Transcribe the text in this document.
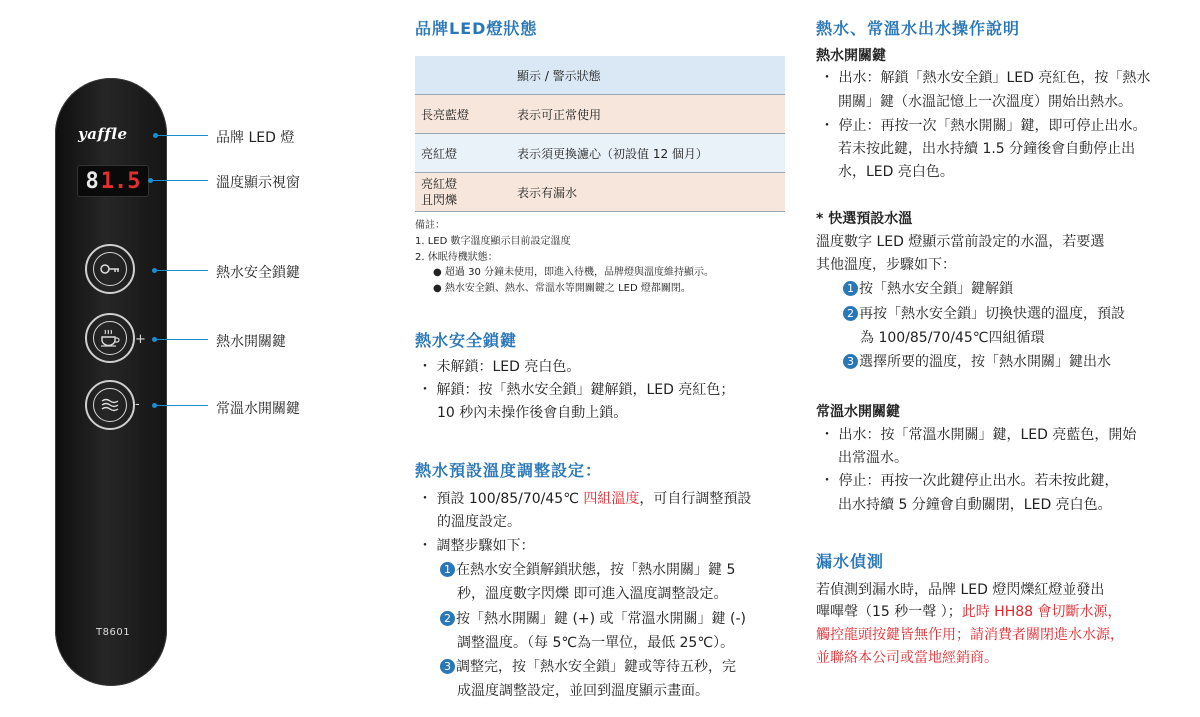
yaffle
8 1.5
+
-
T8601
品牌 LED 燈
溫度顯示視窗
熱水安全鎖鍵
熱水開關鍵
常溫水開關鍵
品牌LED燈狀態
	顯示 / 警示狀態
長亮藍燈	表示可正常使用
亮紅燈	表示須更換濾心（初設值 12 個月）
亮紅燈
且閃爍	表示有漏水
備註：
1. LED 數字溫度顯示目前設定溫度
2. 休眠待機狀態：
● 超過 30 分鐘未使用，即進入待機，品牌燈與溫度維持顯示。
● 熱水安全鎖、熱水、常溫水等開關鍵之 LED 燈都關閉。
熱水安全鎖鍵
・ 未解鎖：LED 亮白色。
・ 解鎖：按「熱水安全鎖」鍵解鎖，LED 亮紅色；
10 秒內未操作後會自動上鎖。
熱水預設溫度調整設定：
・ 預設 100/85/70/45℃ 四組溫度，可自行調整預設
的溫度設定。
・ 調整步驟如下：
1 在熱水安全鎖解鎖狀態，按「熱水開關」鍵 5
秒，溫度數字閃爍 即可進入溫度調整設定。
2 按「熱水開關」鍵 (+) 或「常溫水開關」鍵 (-)
調整溫度。（每 5℃為一單位，最低 25℃）。
3 調整完，按「熱水安全鎖」鍵或等待五秒，完
成溫度調整設定，並回到溫度顯示畫面。
熱水、常溫水出水操作說明
熱水開關鍵
・ 出水：解鎖「熱水安全鎖」LED 亮紅色，按「熱水
開關」鍵（水溫記憶上一次溫度）開始出熱水。
・ 停止：再按一次「熱水開關」鍵，即可停止出水。
若未按此鍵，出水持續 1.5 分鐘後會自動停止出
水，LED 亮白色。
* 快選預設水溫
溫度數字 LED 燈顯示當前設定的水溫，若要選
其他溫度，步驟如下：
1 按「熱水安全鎖」鍵解鎖
2 再按「熱水安全鎖」切換快選的溫度，預設
為 100/85/70/45℃四組循環
3 選擇所要的溫度，按「熱水開關」鍵出水
常溫水開關鍵
・ 出水：按「常溫水開關」鍵，LED 亮藍色，開始
出常溫水。
・ 停止：再按一次此鍵停止出水。若未按此鍵，
出水持續 5 分鐘會自動關閉，LED 亮白色。
漏水偵測
若偵測到漏水時，品牌 LED 燈閃爍紅燈並發出
嗶嗶聲（15 秒一聲 ）；此時 HH88 會切斷水源，
觸控龍頭按鍵皆無作用；請消費者關閉進水水源，
並聯絡本公司或當地經銷商。
